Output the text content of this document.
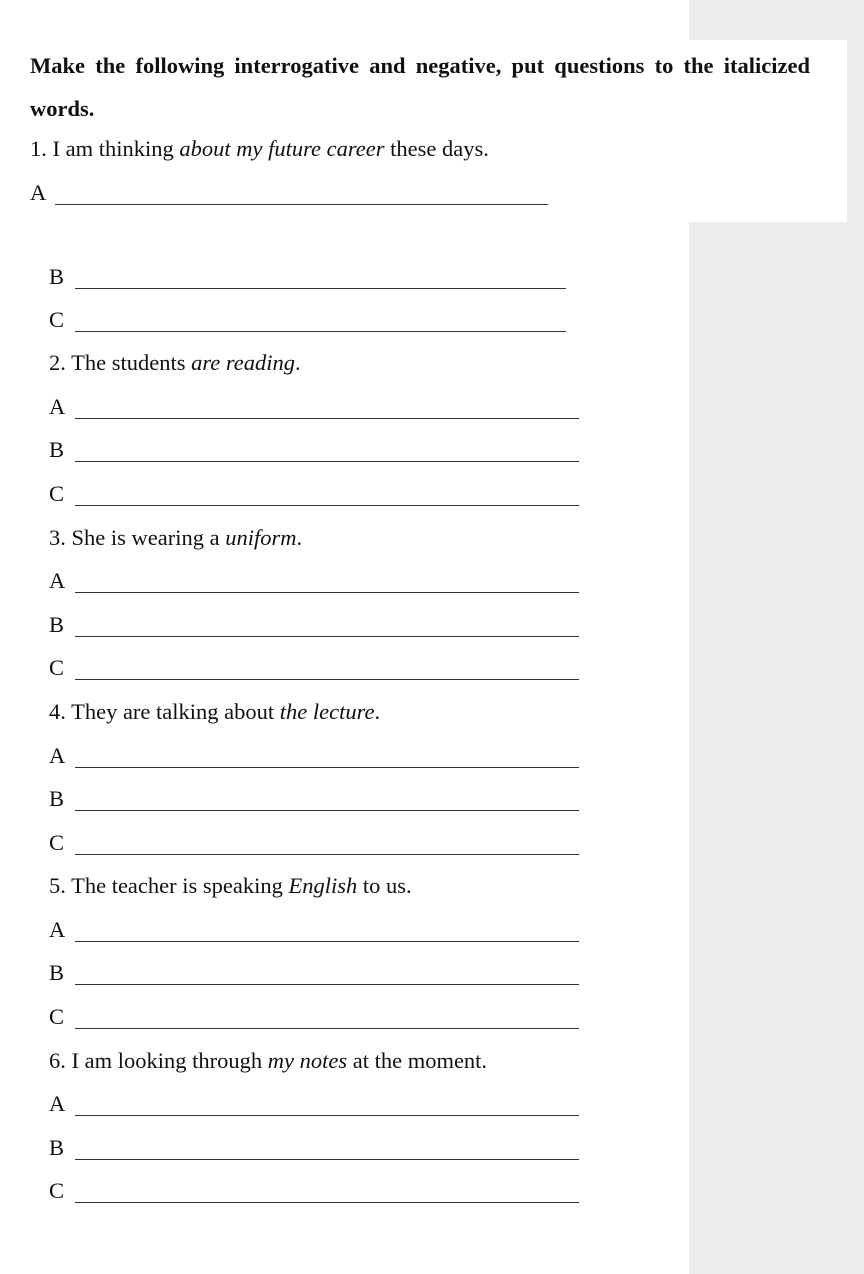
Make the following interrogative and negative, put questions to the italicized words.
1. I am thinking about my future career these days.
A
B
C
2. The students are reading.
A
B
C
3. She is wearing a uniform.
A
B
C
4. They are talking about the lecture.
A
B
C
5. The teacher is speaking English to us.
A
B
C
6. I am looking through my notes at the moment.
A
B
C
